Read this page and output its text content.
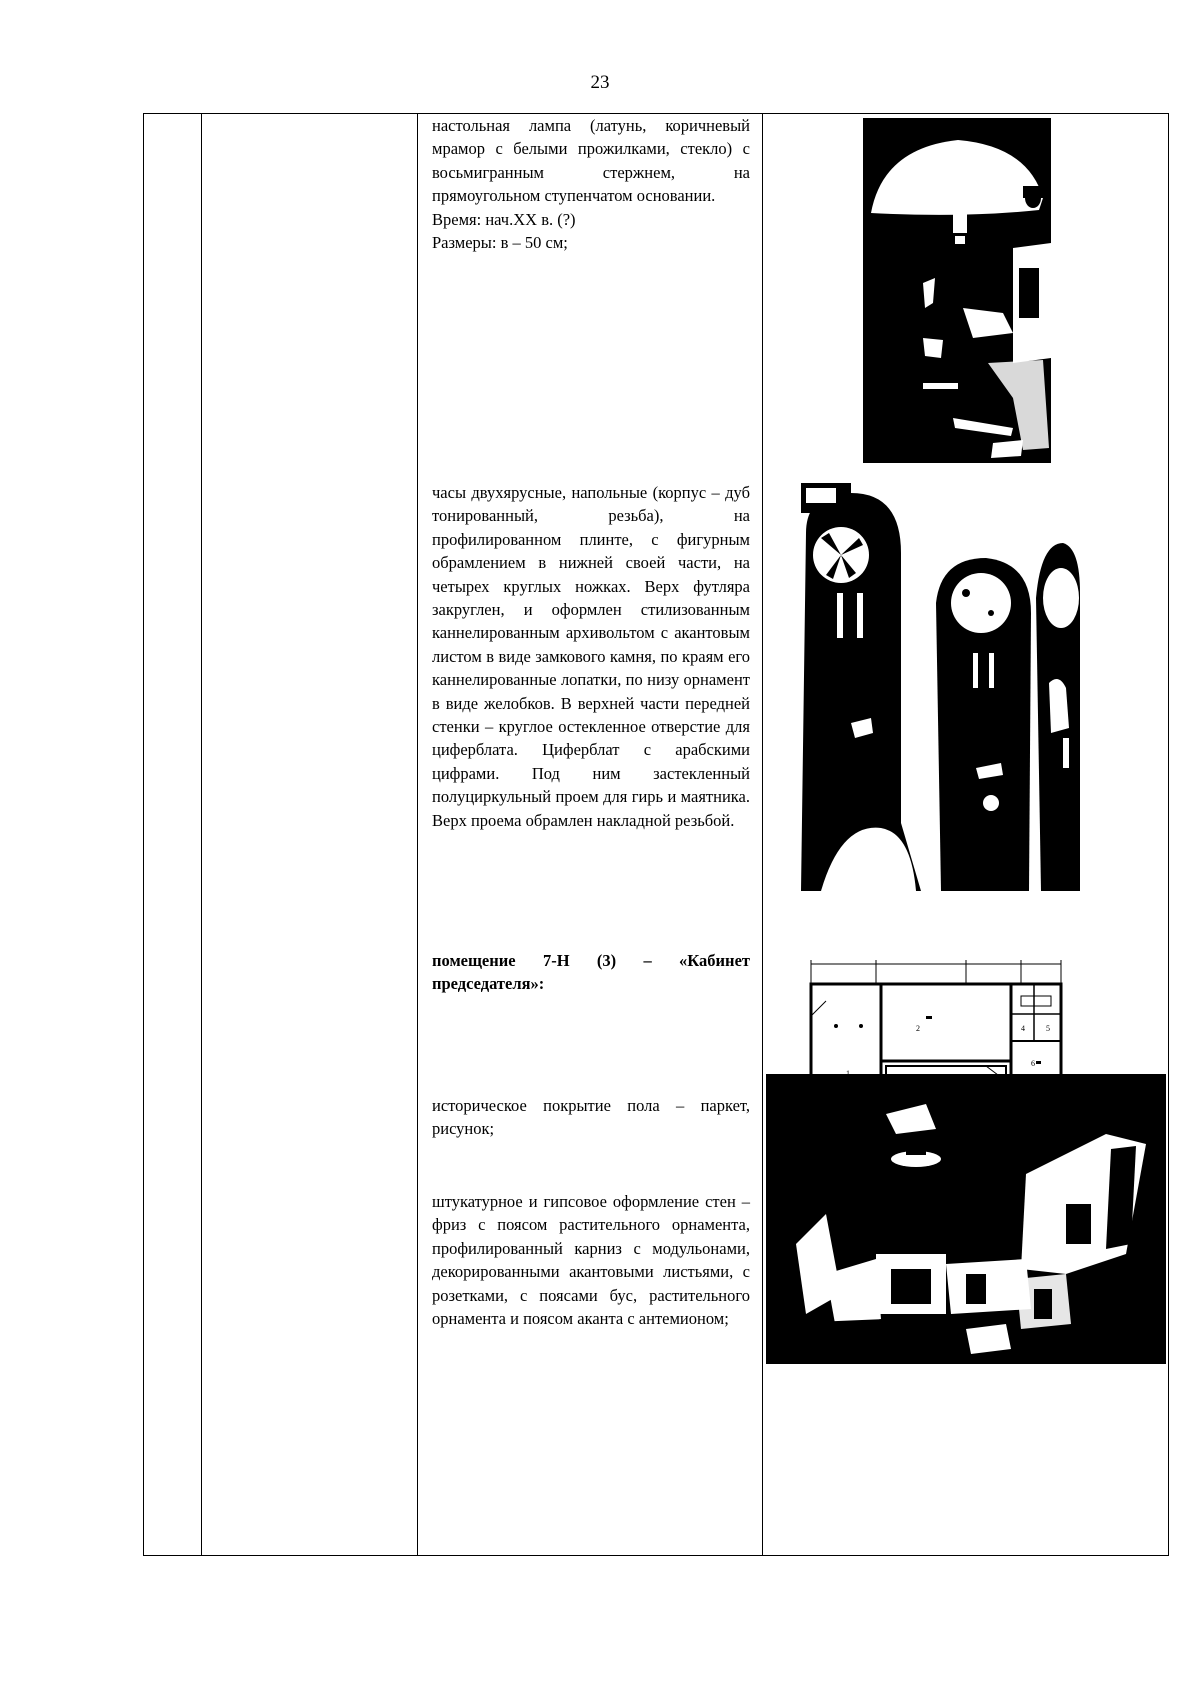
23

настольная лампа (латунь, коричневый мрамор с белыми прожилками, стекло) с восьмигранным стержнем, на прямоугольном ступенчатом основании.

Время: нач.XX в. (?)

Размеры: в – 50 см;

часы двухярусные, напольные (корпус – дуб тонированный, резьба), на профилированном плинте, с фигурным обрамлением в нижней своей части, на четырех круглых ножках. Верх футляра закруглен, и оформлен стилизованным каннелированным архивольтом с акантовым листом в виде замкового камня, по краям его каннелированные лопатки, по низу орнамент в виде желобков. В верхней части передней стенки – круглое остекленное отверстие для циферблата. Циферблат с арабскими цифрами. Под ним застекленный полуциркульный проем для гирь и маятника. Верх проема обрамлен накладной резьбой.

помещение 7-Н (3) – «Кабинет председателя»:

историческое покрытие пола – паркет, рисунок;

штукатурное и гипсовое оформление стен – фриз с поясом растительного орнамента, профилированный карниз с модульонами, декорированными акантовыми листьями, с розетками, с поясами бус, растительного орнамента и поясом аканта с антемионом;

2	4	5
6
